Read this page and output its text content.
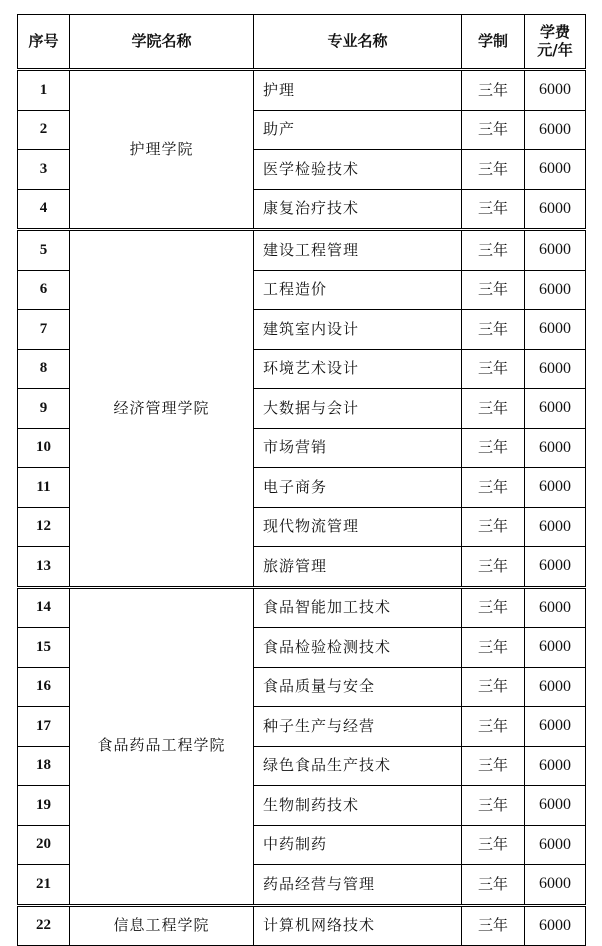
序号	学院名称	专业名称	学制	学费
元/年

1	护理学院	护理	三年	6000
2		助产	三年	6000
3		医学检验技术	三年	6000
4		康复治疗技术	三年	6000
5	经济管理学院	建设工程管理	三年	6000
6		工程造价	三年	6000
7		建筑室内设计	三年	6000
8		环境艺术设计	三年	6000
9		大数据与会计	三年	6000
10		市场营销	三年	6000
11		电子商务	三年	6000
12		现代物流管理	三年	6000
13		旅游管理	三年	6000
14	食品药品工程学院	食品智能加工技术	三年	6000
15		食品检验检测技术	三年	6000
16		食品质量与安全	三年	6000
17		种子生产与经营	三年	6000
18		绿色食品生产技术	三年	6000
19		生物制药技术	三年	6000
20		中药制药	三年	6000
21		药品经营与管理	三年	6000
22	信息工程学院	计算机网络技术	三年	6000
